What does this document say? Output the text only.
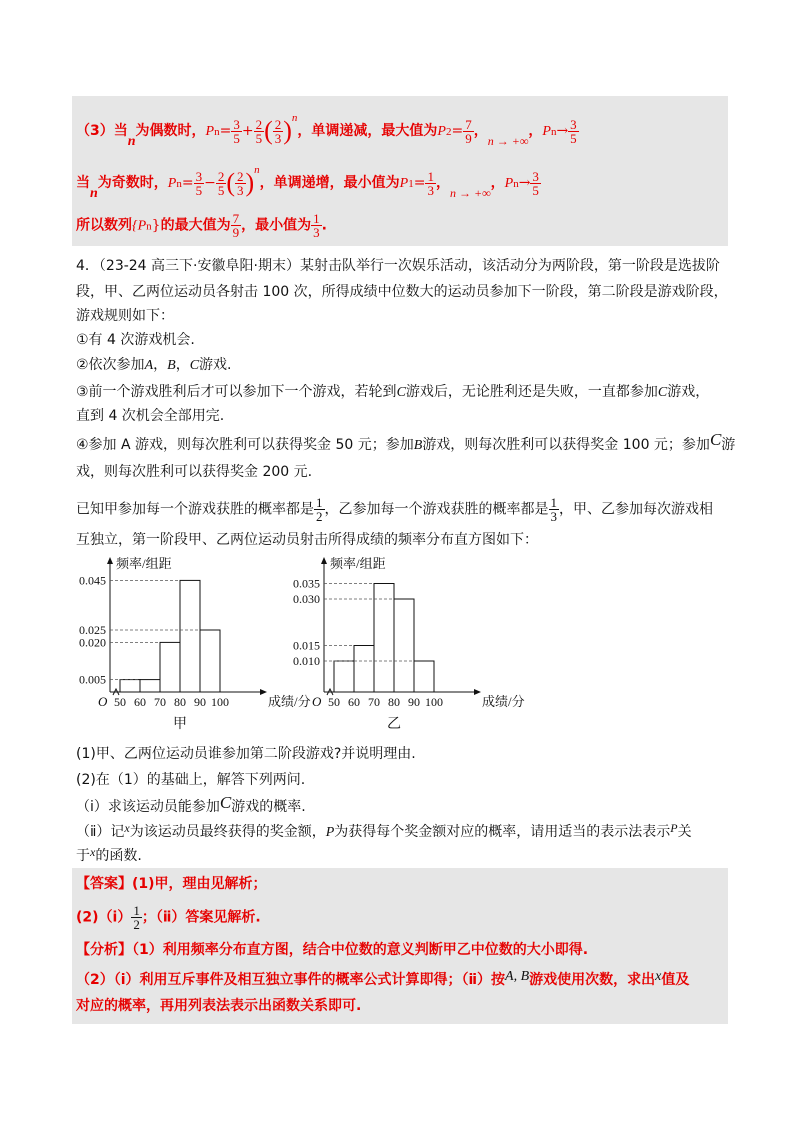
（3）当n为偶数时，$Pn= \frac{3}{5} + \frac{2}{5}$ ( $\frac{2}{3} )^n$，单调递减，最大值为$P2= \frac{7}{9}$ ，n → +∞，$Pn\to \frac{3}{5}$
当n为奇数时，$Pn= \frac{3}{5} - \frac{2}{5}$ ( $\frac{2}{3} )^n$，单调递增，最小值为$P1= \frac{1}{3}$ ，n → +∞，$Pn\to \frac{3}{5}$
所以数列{Pn}的最大值为 $\frac{7}{9}$ ，最小值为 $\frac{1}{3}$ .
4．（23-24 高三下·安徽阜阳·期末）某射击队举行一次娱乐活动，该活动分为两阶段，第一阶段是选拔阶
段，甲、乙两位运动员各射击 100 次，所得成绩中位数大的运动员参加下一阶段，第二阶段是游戏阶段，
游戏规则如下：
①有 4 次游戏机会.
②依次参加A，B，C游戏.
③前一个游戏胜利后才可以参加下一个游戏，若轮到C游戏后，无论胜利还是失败，一直都参加C游戏，
直到 4 次机会全部用完.
④参加 A 游戏，则每次胜利可以获得奖金 50 元；参加B游戏，则每次胜利可以获得奖金 100 元；参加C游
戏，则每次胜利可以获得奖金 200 元.
已知甲参加每一个游戏获胜的概率都是 $\frac{1}{2}$ ，乙参加每一个游戏获胜的概率都是 $\frac{1}{3}$ ，甲、乙参加每次游戏相
互独立，第一阶段甲、乙两位运动员射击所得成绩的频率分布直方图如下：
0.005
0.020
0.025
0.045
50 60 70 80 90 100
O	成绩/分
频率/组距
甲
0.010
0.015
0.030
0.035
50 60 70 80 90 100
O	成绩/分
频率/组距
乙
(1)甲、乙两位运动员谁参加第二阶段游戏?并说明理由.
(2)在（1）的基础上，解答下列两问.
（ⅰ）求该运动员能参加C游戏的概率.
（ⅱ）记x为该运动员最终获得的奖金额，P为获得每个奖金额对应的概率，请用适当的表示法表示P关
于x的函数.
【答案】(1)甲，理由见解析；
(2)（ⅰ） $\frac{1}{2}$ ；（ⅱ）答案见解析.
【分析】（1）利用频率分布直方图，结合中位数的意义判断甲乙中位数的大小即得.
（2）（ⅰ）利用互斥事件及相互独立事件的概率公式计算即得；（ⅱ）按A, B游戏使用次数，求出x值及
对应的概率，再用列表法表示出函数关系即可.
